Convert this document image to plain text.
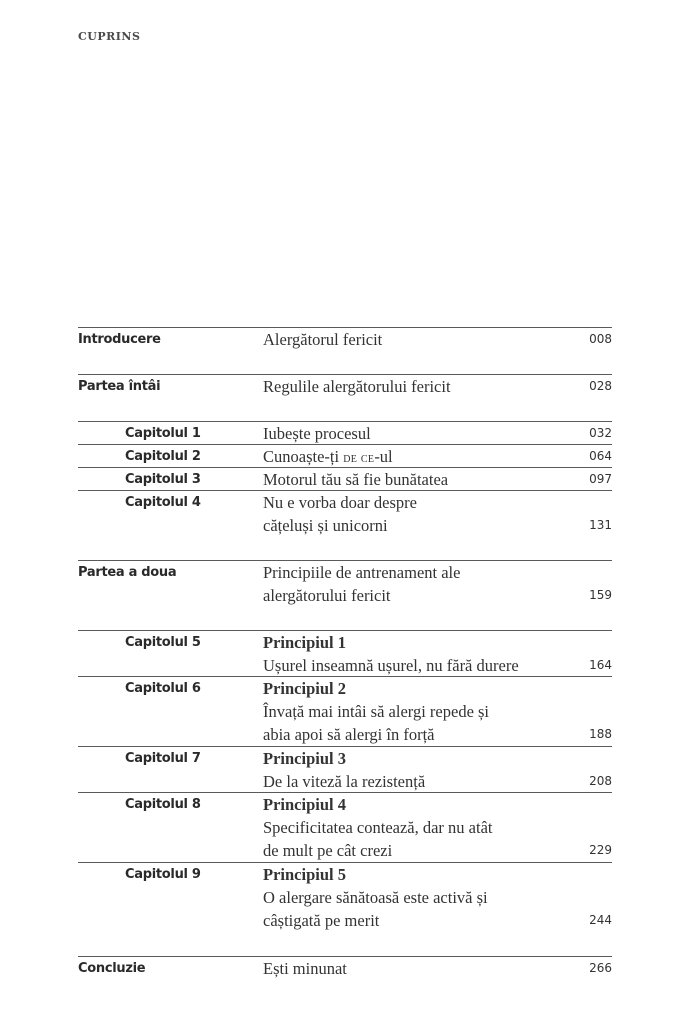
CUPRINS
Introducere	Alergătorul fericit	008
Partea întâi	Regulile alergătorului fericit	028
Capitolul 1	Iubește procesul	032
Capitolul 2	Cunoaște-ți de ce-ul	064
Capitolul 3	Motorul tău să fie bunătatea	097
Capitolul 4	Nu e vorba doar despre
cățeluși și unicorni	131
Partea a doua	Principiile de antrenament ale
alergătorului fericit	159
Capitolul 5	Principiul 1
Ușurel inseamnă ușurel, nu fără durere	164
Capitolul 6	Principiul 2
Învață mai intâi să alergi repede și
abia apoi să alergi în forță	188
Capitolul 7	Principiul 3
De la viteză la rezistență	208
Capitolul 8	Principiul 4
Specificitatea contează, dar nu atât
de mult pe cât crezi	229
Capitolul 9	Principiul 5
O alergare sănătoasă este activă și
câștigată pe merit	244
Concluzie	Ești minunat	266
